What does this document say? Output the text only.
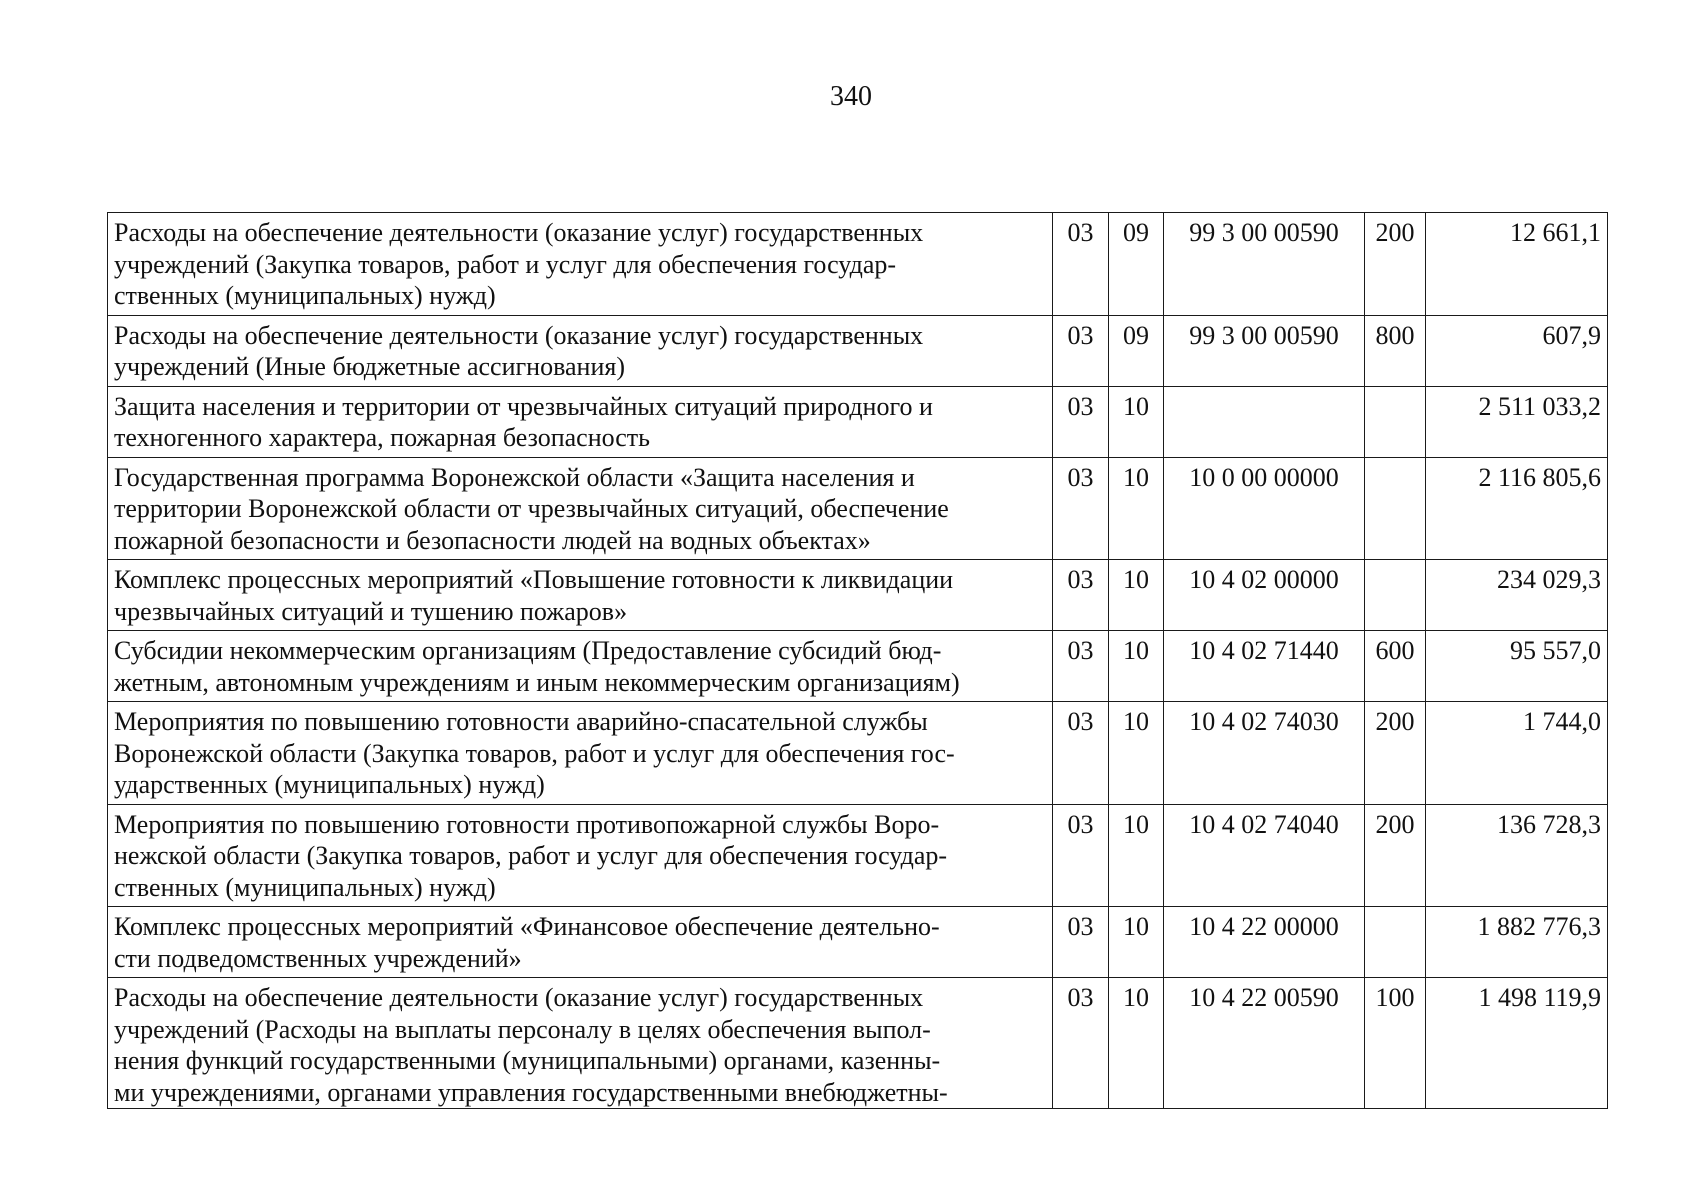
340
Расходы на обеспечение деятельности (оказание услуг) государственных
учреждений (Закупка товаров, работ и услуг для обеспечения государ-
ственных (муниципальных) нужд)	03	09	99 3 00 00590	200	12 661,1

Расходы на обеспечение деятельности (оказание услуг) государственных
учреждений (Иные бюджетные ассигнования)	03	09	99 3 00 00590	800	607,9

Защита населения и территории от чрезвычайных ситуаций природного и
техногенного характера, пожарная безопасность	03	10			2 511 033,2

Государственная программа Воронежской области «Защита населения и
территории Воронежской области от чрезвычайных ситуаций, обеспечение
пожарной безопасности и безопасности людей на водных объектах»	03	10	10 0 00 00000		2 116 805,6

Комплекс процессных мероприятий «Повышение готовности к ликвидации
чрезвычайных ситуаций и тушению пожаров»	03	10	10 4 02 00000		234 029,3

Субсидии некоммерческим организациям (Предоставление субсидий бюд-
жетным, автономным учреждениям и иным некоммерческим организациям)	03	10	10 4 02 71440	600	95 557,0

Мероприятия по повышению готовности аварийно-спасательной службы
Воронежской области (Закупка товаров, работ и услуг для обеспечения гос-
ударственных (муниципальных) нужд)	03	10	10 4 02 74030	200	1 744,0

Мероприятия по повышению готовности противопожарной службы Воро-
нежской области (Закупка товаров, работ и услуг для обеспечения государ-
ственных (муниципальных) нужд)	03	10	10 4 02 74040	200	136 728,3

Комплекс процессных мероприятий «Финансовое обеспечение деятельно-
сти подведомственных учреждений»	03	10	10 4 22 00000		1 882 776,3

Расходы на обеспечение деятельности (оказание услуг) государственных
учреждений (Расходы на выплаты персоналу в целях обеспечения выпол-
нения функций государственными (муниципальными) органами, казенны-
ми учреждениями, органами управления государственными внебюджетны-	03	10	10 4 22 00590	100	1 498 119,9
